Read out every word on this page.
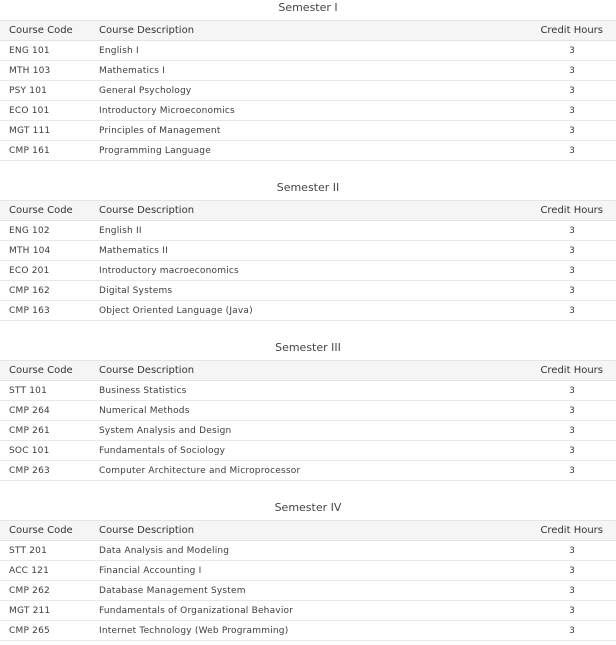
Semester I
Course Code	Course Description	Credit Hours
ENG 101	English I	3
MTH 103	Mathematics I	3
PSY 101	General Psychology	3
ECO 101	Introductory Microeconomics	3
MGT 111	Principles of Management	3
CMP 161	Programming Language	3
Semester II
Course Code	Course Description	Credit Hours
ENG 102	English II	3
MTH 104	Mathematics II	3
ECO 201	Introductory macroeconomics	3
CMP 162	Digital Systems	3
CMP 163	Object Oriented Language (Java)	3
Semester III
Course Code	Course Description	Credit Hours
STT 101	Business Statistics	3
CMP 264	Numerical Methods	3
CMP 261	System Analysis and Design	3
SOC 101	Fundamentals of Sociology	3
CMP 263	Computer Architecture and Microprocessor	3
Semester IV
Course Code	Course Description	Credit Hours
STT 201	Data Analysis and Modeling	3
ACC 121	Financial Accounting I	3
CMP 262	Database Management System	3
MGT 211	Fundamentals of Organizational Behavior	3
CMP 265	Internet Technology (Web Programming)	3
